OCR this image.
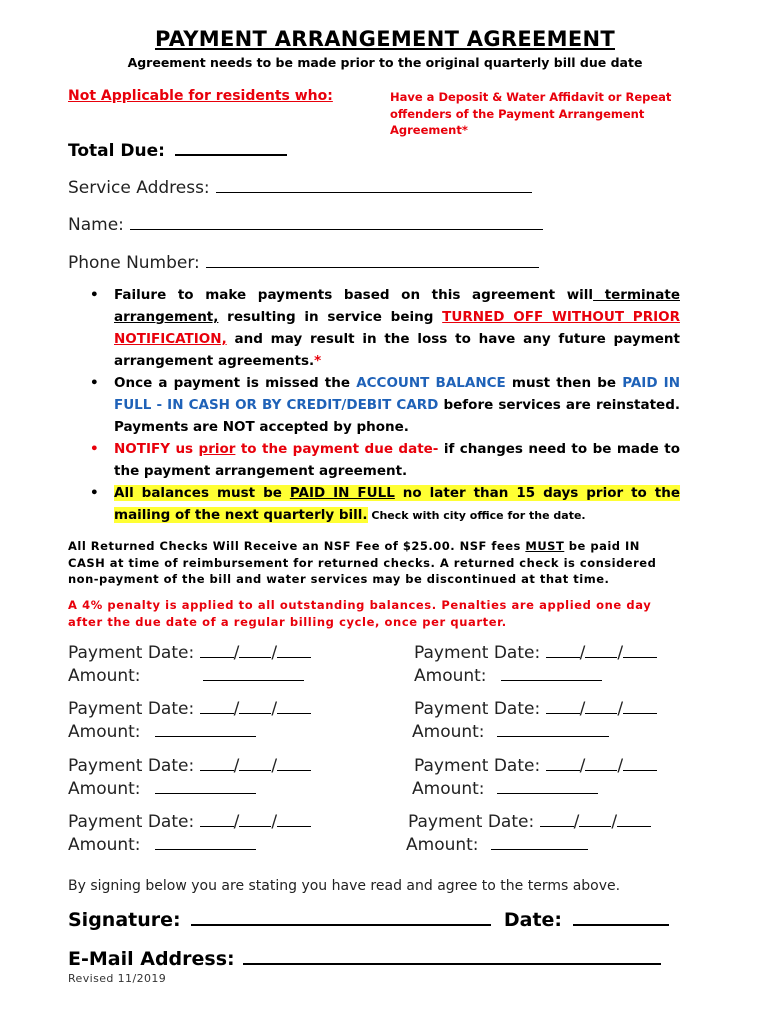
PAYMENT ARRANGEMENT AGREEMENT
Agreement needs to be made prior to the original quarterly bill due date
Not Applicable for residents who:	Have a Deposit & Water Affidavit or Repeat offenders of the Payment Arrangement Agreement*
Total Due:
Service Address:
Name:
Phone Number:
• Failure to make payments based on this agreement will terminate arrangement, resulting in service being TURNED OFF WITHOUT PRIOR NOTIFICATION, and may result in the loss to have any future payment arrangement agreements.*
• Once a payment is missed the ACCOUNT BALANCE must then be PAID IN FULL - IN CASH OR BY CREDIT/DEBIT CARD before services are reinstated. Payments are NOT accepted by phone.
• NOTIFY us prior to the payment due date- if changes need to be made to the payment arrangement agreement.
• All balances must be PAID IN FULL no later than 15 days prior to the mailing of the next quarterly bill. Check with city office for the date.
All Returned Checks Will Receive an NSF Fee of $25.00. NSF fees MUST be paid IN CASH at time of reimbursement for returned checks. A returned check is considered non-payment of the bill and water services may be discontinued at that time.
A 4% penalty is applied to all outstanding balances. Penalties are applied one day after the due date of a regular billing cycle, once per quarter.
Payment Date: / /
Amount:
Payment Date: / /
Amount:
Payment Date: / /
Amount:
Payment Date: / /
Amount:
Payment Date: / /
Amount:
Payment Date: / /
Amount:
Payment Date: / /
Amount:
Payment Date: / /
Amount:
By signing below you are stating you have read and agree to the terms above.
Signature:	Date:
E-Mail Address:
Revised 11/2019
